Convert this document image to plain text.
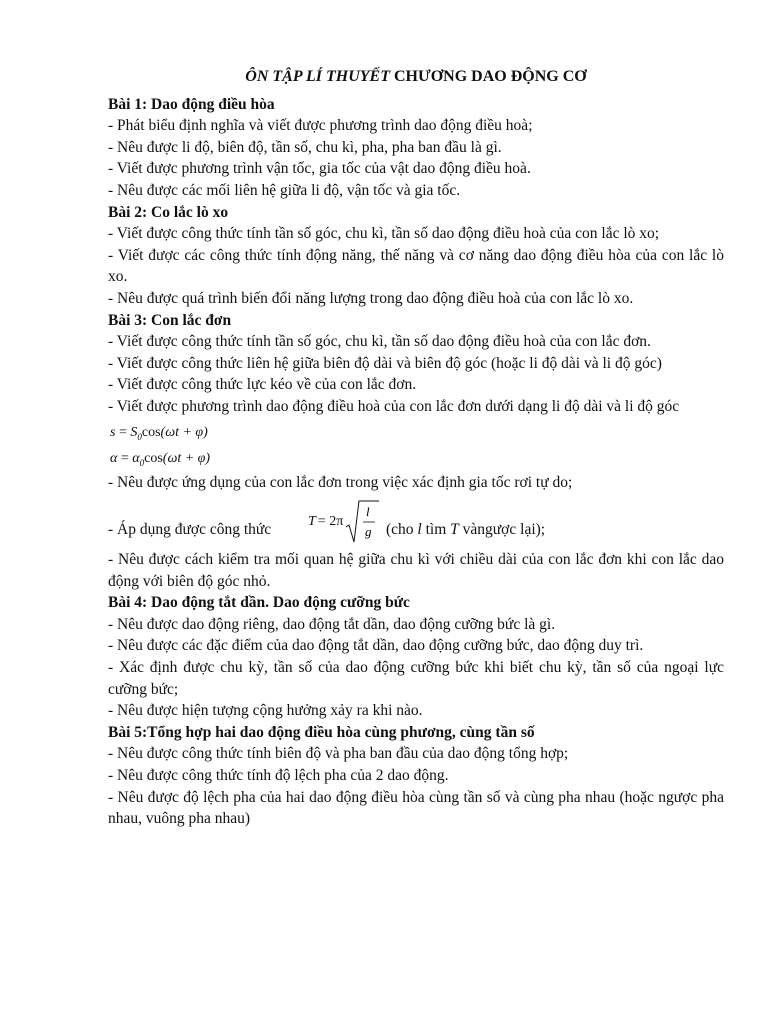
ÔN TẬP LÍ THUYẾT CHƯƠNG DAO ĐỘNG CƠ
Bài 1: Dao động điều hòa
- Phát biểu định nghĩa và viết được phương trình dao động điều hoà;
- Nêu được li độ, biên độ, tần số, chu kì, pha, pha ban đầu là gì.
- Viết được phương trình vận tốc, gia tốc của vật dao động điều hoà.
- Nêu được các mối liên hệ giữa li độ, vận tốc và gia tốc.
Bài 2: Co lắc lò xo
- Viết được công thức tính tần số góc, chu kì, tần số dao động điều hoà của con lắc lò xo;
- Viết được các công thức tính động năng, thế năng và cơ năng dao động điều hòa của con lắc lò xo.
- Nêu được quá trình biến đổi năng lượng trong dao động điều hoà của con lắc lò xo.
Bài 3: Con lắc đơn
- Viết được công thức tính tần số góc, chu kì, tần số dao động điều hoà của con lắc đơn.
- Viết được công thức liên hệ giữa biên độ dài và biên độ góc (hoặc li độ dài và li độ góc)
- Viết được công thức lực kéo về của con lắc đơn.
- Viết được phương trình dao động điều hoà của con lắc đơn dưới dạng li độ dài và li độ góc
$s = S_0\cos(\omega t + \varphi)$
$\alpha = \alpha_0\cos(\omega t + \varphi)$
- Nêu được ứng dụng của con lắc đơn trong việc xác định gia tốc rơi tự do;
- Áp dụng được công thức	T = 2π
l
g (cho l tìm T vàngược lại);
- Nêu được cách kiểm tra mối quan hệ giữa chu kì với chiều dài của con lắc đơn khi con lắc dao động với biên độ góc nhỏ.
Bài 4: Dao động tắt dần. Dao động cưỡng bức
- Nêu được dao động riêng, dao động tắt dần, dao động cưỡng bức là gì.
- Nêu được các đặc điểm của dao động tắt dần, dao động cưỡng bức, dao động duy trì.
- Xác định được chu kỳ, tần số của dao động cưỡng bức khi biết chu kỳ, tần số của ngoại lực cưỡng bức;
- Nêu được hiện tượng cộng hưởng xảy ra khi nào.
Bài 5:Tổng hợp hai dao động điều hòa cùng phương, cùng tần số
- Nêu được công thức tính biên độ và pha ban đầu của dao động tổng hợp;
- Nêu được công thức tính độ lệch pha của 2 dao động.
- Nêu được độ lệch pha của hai dao động điều hòa cùng tần số và cùng pha nhau (hoặc ngược pha nhau, vuông pha nhau)
